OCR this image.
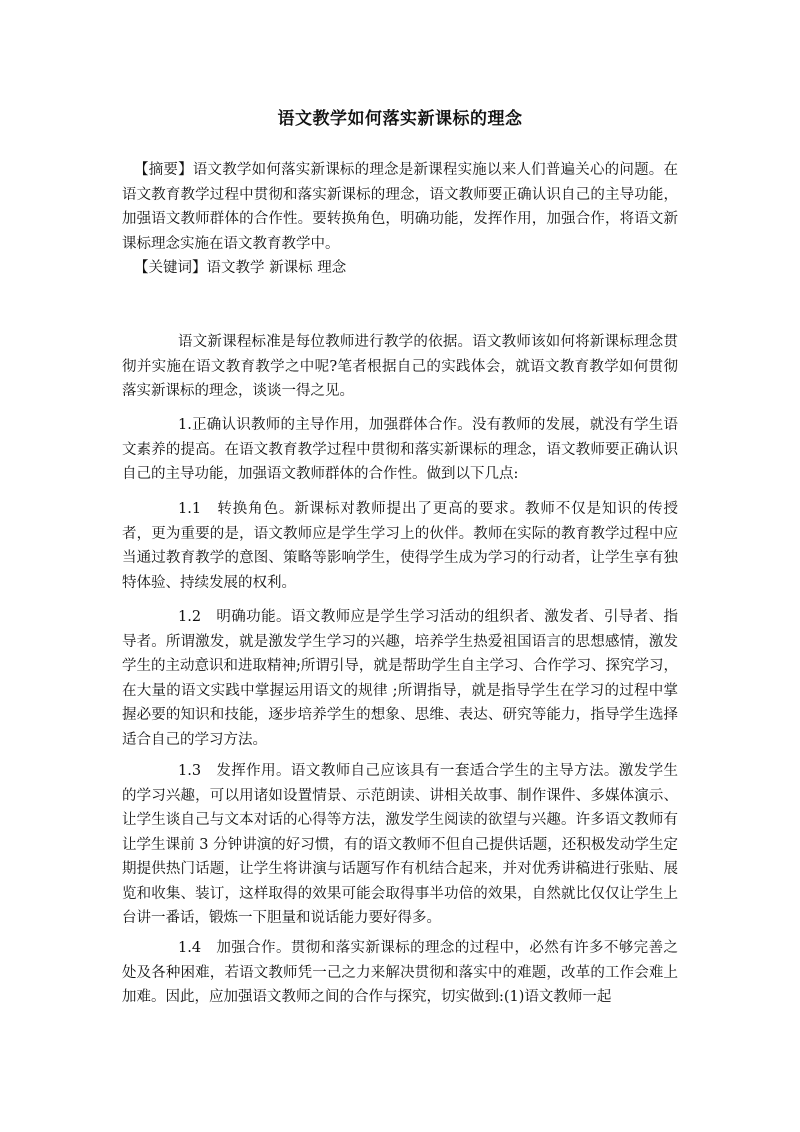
语文教学如何落实新课标的理念

【摘要】语文教学如何落实新课标的理念是新课程实施以来人们普遍关心的问题。在语文教育教学过程中贯彻和落实新课标的理念，语文教师要正确认识自己的主导功能，加强语文教师群体的合作性。要转换角色，明确功能，发挥作用，加强合作，将语文新课标理念实施在语文教育教学中。

【关键词】语文教学 新课标 理念

语文新课程标准是每位教师进行教学的依据。语文教师该如何将新课标理念贯彻并实施在语文教育教学之中呢?笔者根据自己的实践体会，就语文教育教学如何贯彻落实新课标的理念，谈谈一得之见。

1.正确认识教师的主导作用，加强群体合作。没有教师的发展，就没有学生语文素养的提高。在语文教育教学过程中贯彻和落实新课标的理念，语文教师要正确认识自己的主导功能，加强语文教师群体的合作性。做到以下几点:

1.1　转换角色。新课标对教师提出了更高的要求。教师不仅是知识的传授者，更为重要的是，语文教师应是学生学习上的伙伴。教师在实际的教育教学过程中应当通过教育教学的意图、策略等影响学生，使得学生成为学习的行动者，让学生享有独特体验、持续发展的权利。

1.2　明确功能。语文教师应是学生学习活动的组织者、激发者、引导者、指导者。所谓激发，就是激发学生学习的兴趣，培养学生热爱祖国语言的思想感情，激发学生的主动意识和进取精神;所谓引导，就是帮助学生自主学习、合作学习、探究学习，在大量的语文实践中掌握运用语文的规律 ;所谓指导，就是指导学生在学习的过程中掌握必要的知识和技能，逐步培养学生的想象、思维、表达、研究等能力，指导学生选择适合自己的学习方法。

1.3　发挥作用。语文教师自己应该具有一套适合学生的主导方法。激发学生的学习兴趣，可以用诸如设置情景、示范朗读、讲相关故事、制作课件、多媒体演示、让学生谈自己与文本对话的心得等方法，激发学生阅读的欲望与兴趣。许多语文教师有让学生课前 3 分钟讲演的好习惯，有的语文教师不但自己提供话题，还积极发动学生定期提供热门话题，让学生将讲演与话题写作有机结合起来，并对优秀讲稿进行张贴、展览和收集、装订，这样取得的效果可能会取得事半功倍的效果，自然就比仅仅让学生上台讲一番话，锻炼一下胆量和说话能力要好得多。

1.4　加强合作。贯彻和落实新课标的理念的过程中，必然有许多不够完善之处及各种困难，若语文教师凭一己之力来解决贯彻和落实中的难题，改革的工作会难上加难。因此，应加强语文教师之间的合作与探究，切实做到:(1)语文教师一起
